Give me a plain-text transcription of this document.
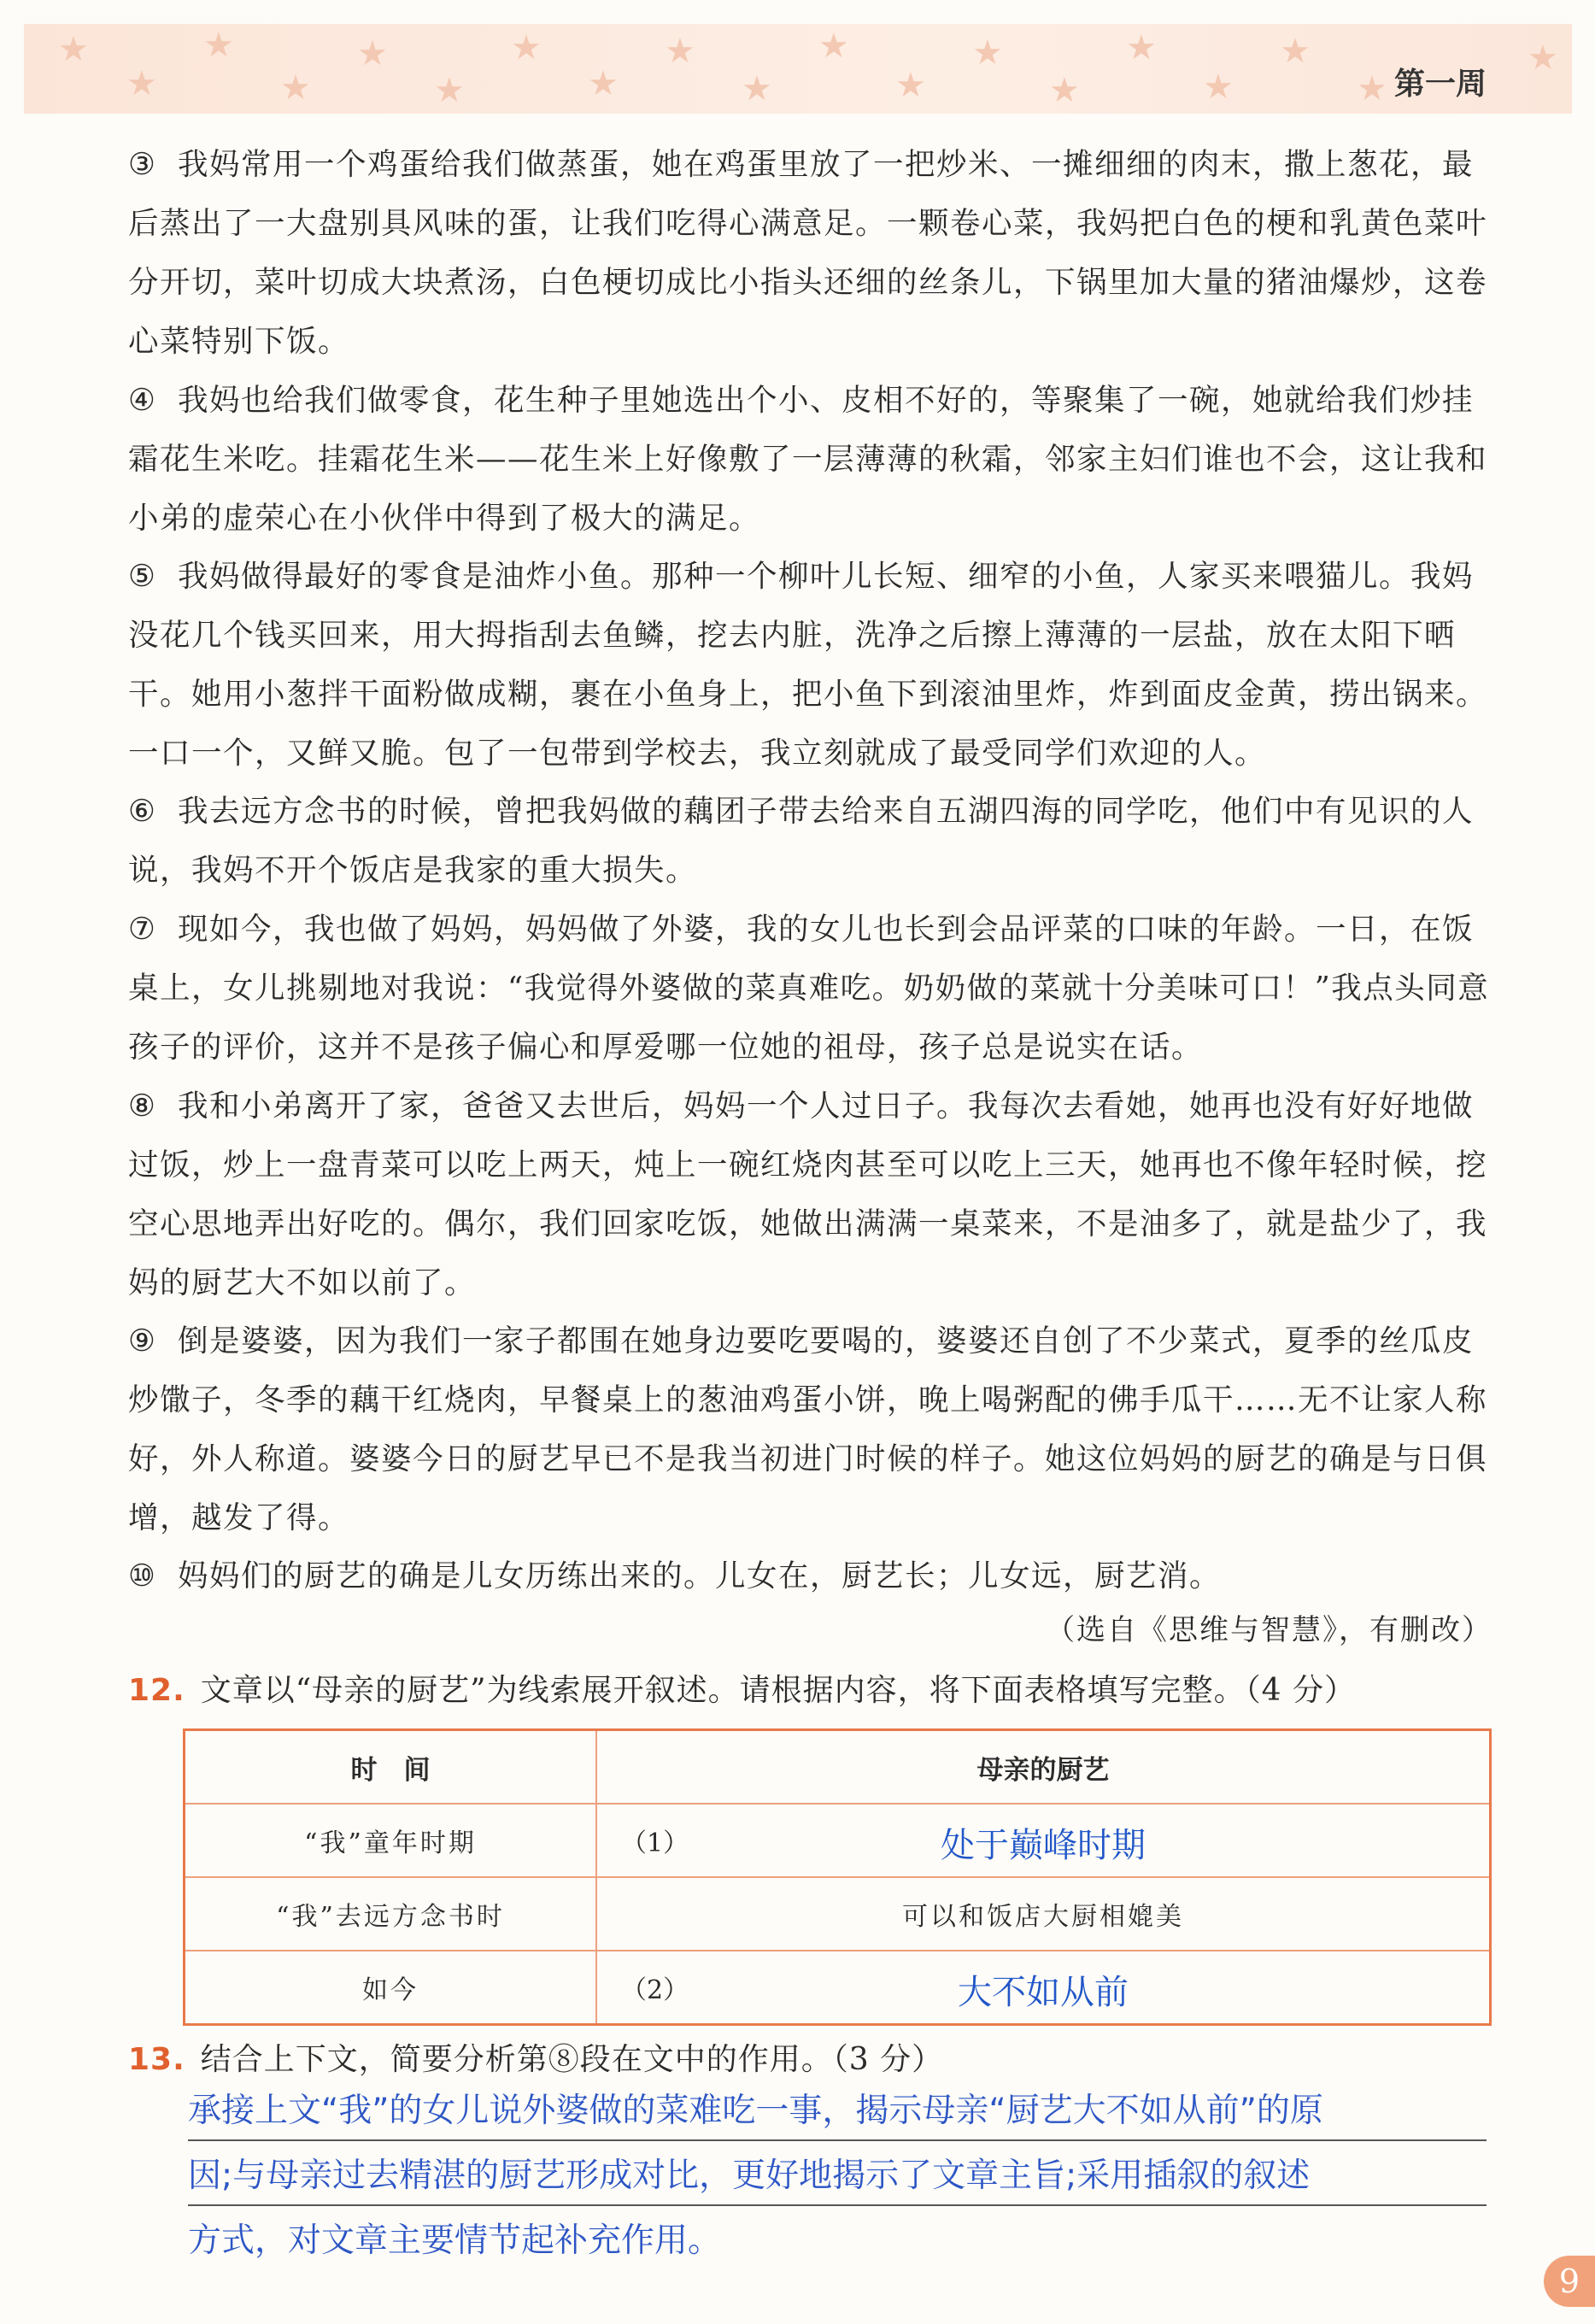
★
★
★
★
★
★
★
★
★
★
★
★
★
★
★
★
★
★
★
第一周

③ 我妈常用一个鸡蛋给我们做蒸蛋，她在鸡蛋里放了一把炒米、一摊细细的肉末，撒上葱花，最后蒸出了一大盘别具风味的蛋，让我们吃得心满意足。一颗卷心菜，我妈把白色的梗和乳黄色菜叶分开切，菜叶切成大块煮汤，白色梗切成比小指头还细的丝条儿，下锅里加大量的猪油爆炒，这卷心菜特别下饭。

④ 我妈也给我们做零食，花生种子里她选出个小、皮相不好的，等聚集了一碗，她就给我们炒挂霜花生米吃。挂霜花生米——花生米上好像敷了一层薄薄的秋霜，邻家主妇们谁也不会，这让我和小弟的虚荣心在小伙伴中得到了极大的满足。

⑤ 我妈做得最好的零食是油炸小鱼。那种一个柳叶儿长短、细窄的小鱼，人家买来喂猫儿。我妈没花几个钱买回来，用大拇指刮去鱼鳞，挖去内脏，洗净之后擦上薄薄的一层盐，放在太阳下晒干。她用小葱拌干面粉做成糊，裹在小鱼身上，把小鱼下到滚油里炸，炸到面皮金黄，捞出锅来。一口一个，又鲜又脆。包了一包带到学校去，我立刻就成了最受同学们欢迎的人。

⑥ 我去远方念书的时候，曾把我妈做的藕团子带去给来自五湖四海的同学吃，他们中有见识的人说，我妈不开个饭店是我家的重大损失。

⑦ 现如今，我也做了妈妈，妈妈做了外婆，我的女儿也长到会品评菜的口味的年龄。一日，在饭桌上，女儿挑剔地对我说：“我觉得外婆做的菜真难吃。奶奶做的菜就十分美味可口！”我点头同意孩子的评价，这并不是孩子偏心和厚爱哪一位她的祖母，孩子总是说实在话。

⑧ 我和小弟离开了家，爸爸又去世后，妈妈一个人过日子。我每次去看她，她再也没有好好地做过饭，炒上一盘青菜可以吃上两天，炖上一碗红烧肉甚至可以吃上三天，她再也不像年轻时候，挖空心思地弄出好吃的。偶尔，我们回家吃饭，她做出满满一桌菜来，不是油多了，就是盐少了，我妈的厨艺大不如以前了。

⑨ 倒是婆婆，因为我们一家子都围在她身边要吃要喝的，婆婆还自创了不少菜式，夏季的丝瓜皮炒馓子，冬季的藕干红烧肉，早餐桌上的葱油鸡蛋小饼，晚上喝粥配的佛手瓜干……无不让家人称好，外人称道。婆婆今日的厨艺早已不是我当初进门时候的样子。她这位妈妈的厨艺的确是与日俱增，越发了得。

⑩ 妈妈们的厨艺的确是儿女历练出来的。儿女在，厨艺长；儿女远，厨艺消。

（选自《思维与智慧》，有删改）
12. 文章以“母亲的厨艺”为线索展开叙述。请根据内容，将下面表格填写完整。（4 分）
时　间	母亲的厨艺
“我”童年时期	（1） 处于巅峰时期

“我”去远方念书时	可以和饭店大厨相媲美
如今	（2） 大不如从前
13. 结合上下文，简要分析第⑧段在文中的作用。（3 分）
承接上文“我”的女儿说外婆做的菜难吃一事，揭示母亲“厨艺大不如从前”的原
因;与母亲过去精湛的厨艺形成对比，更好地揭示了文章主旨;采用插叙的叙述
方式，对文章主要情节起补充作用。
9
